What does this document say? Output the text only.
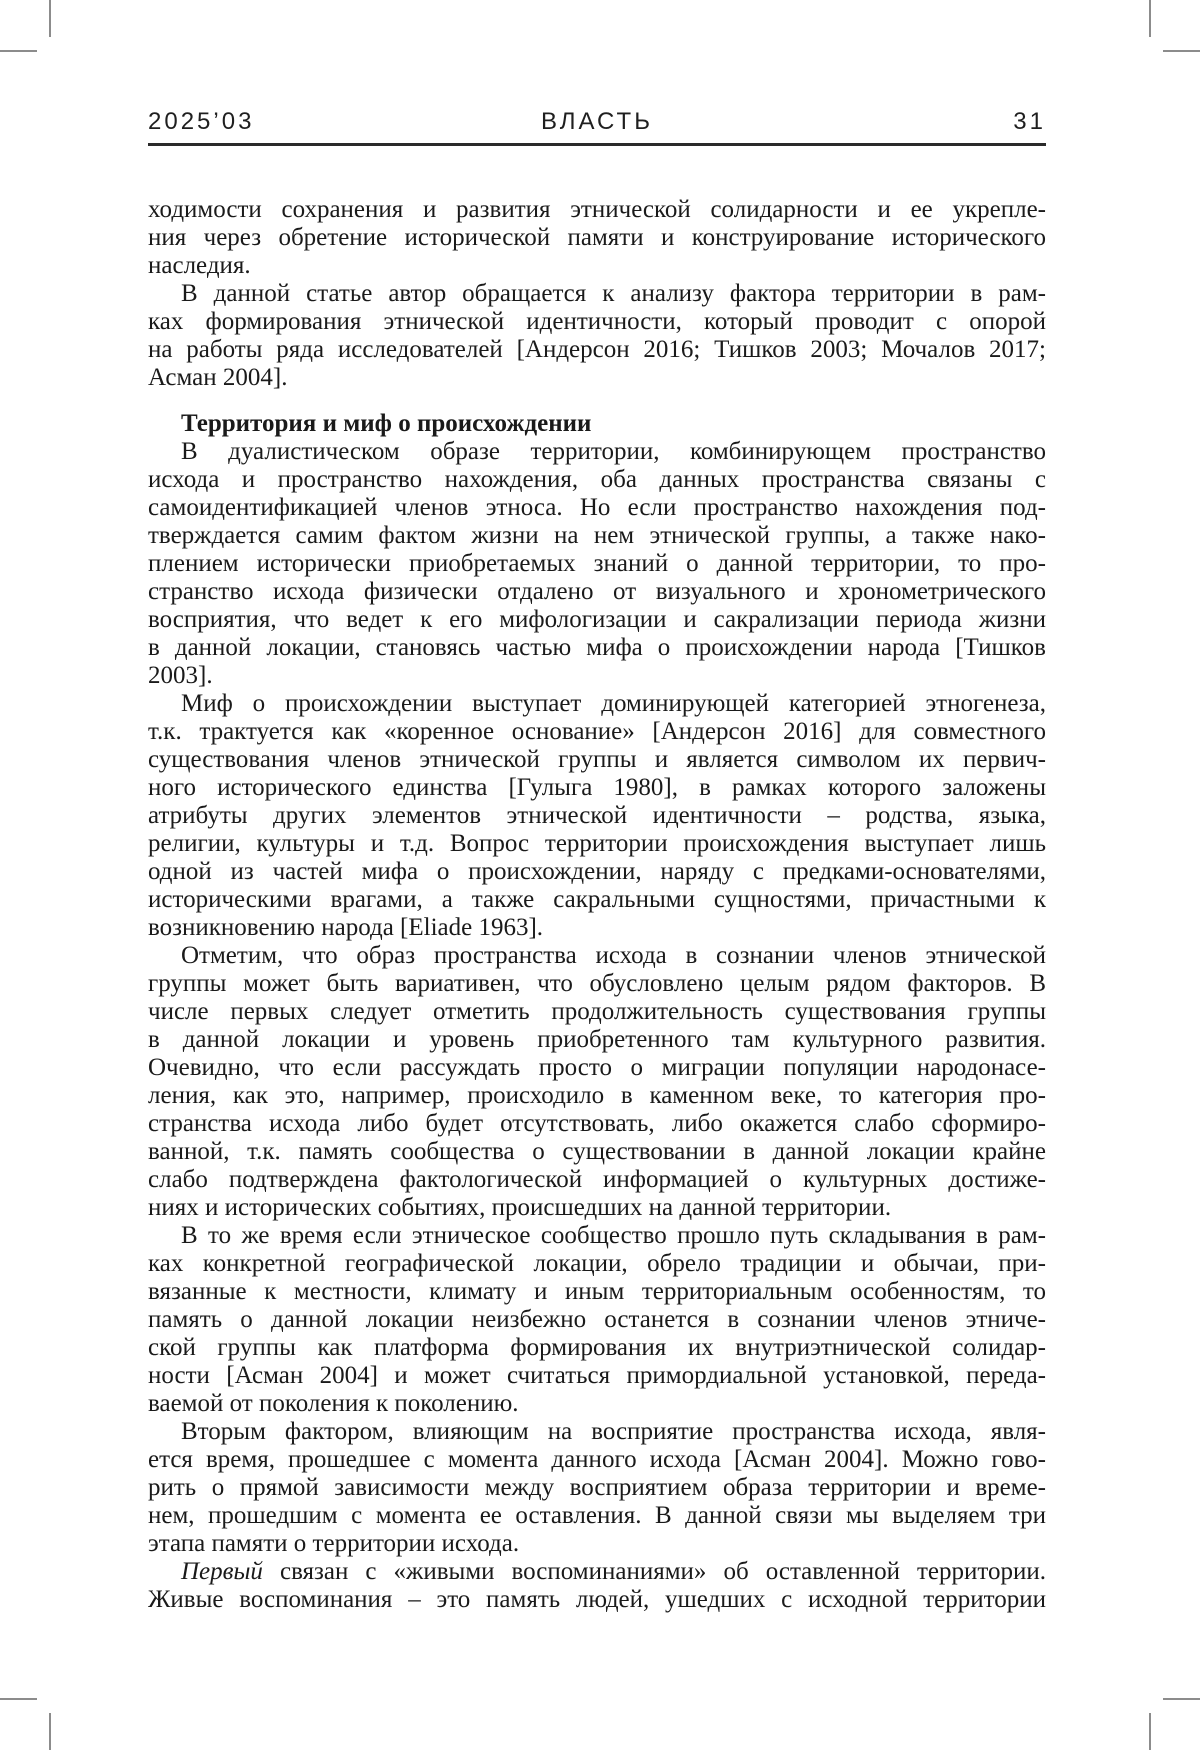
2025’03	ВЛАСТЬ	31
ходимости сохранения и развития этнической солидарности и ее укрепле-
ния через обретение исторической памяти и конструирование исторического
наследия.
В данной статье автор обращается к анализу фактора территории в рам-
ках формирования этнической идентичности, который проводит с опорой
на работы ряда исследователей [Андерсон 2016; Тишков 2003; Мочалов 2017;
Асман 2004].
Территория и миф о происхождении
В дуалистическом образе территории, комбинирующем пространство
исхода и пространство нахождения, оба данных пространства связаны с
самоидентификацией членов этноса. Но если пространство нахождения под-
тверждается самим фактом жизни на нем этнической группы, а также нако-
плением исторически приобретаемых знаний о данной территории, то про-
странство исхода физически отдалено от визуального и хронометрического
восприятия, что ведет к его мифологизации и сакрализации периода жизни
в данной локации, становясь частью мифа о происхождении народа [Тишков
2003].
Миф о происхождении выступает доминирующей категорией этногенеза,
т.к. трактуется как «коренное основание» [Андерсон 2016] для совместного
существования членов этнической группы и является символом их первич-
ного исторического единства [Гулыга 1980], в рамках которого заложены
атрибуты других элементов этнической идентичности – родства, языка,
религии, культуры и т.д. Вопрос территории происхождения выступает лишь
одной из частей мифа о происхождении, наряду с предками-основателями,
историческими врагами, а также сакральными сущностями, причастными к
возникновению народа [Eliade 1963].
Отметим, что образ пространства исхода в сознании членов этнической
группы может быть вариативен, что обусловлено целым рядом факторов. В
числе первых следует отметить продолжительность существования группы
в данной локации и уровень приобретенного там культурного развития.
Очевидно, что если рассуждать просто о миграции популяции народонасе-
ления, как это, например, происходило в каменном веке, то категория про-
странства исхода либо будет отсутствовать, либо окажется слабо сформиро-
ванной, т.к. память сообщества о существовании в данной локации крайне
слабо подтверждена фактологической информацией о культурных достиже-
ниях и исторических событиях, происшедших на данной территории.
В то же время если этническое сообщество прошло путь складывания в рам-
ках конкретной географической локации, обрело традиции и обычаи, при-
вязанные к местности, климату и иным территориальным особенностям, то
память о данной локации неизбежно останется в сознании членов этниче-
ской группы как платформа формирования их внутриэтнической солидар-
ности [Асман 2004] и может считаться примордиальной установкой, переда-
ваемой от поколения к поколению.
Вторым фактором, влияющим на восприятие пространства исхода, явля-
ется время, прошедшее с момента данного исхода [Асман 2004]. Можно гово-
рить о прямой зависимости между восприятием образа территории и време-
нем, прошедшим с момента ее оставления. В данной связи мы выделяем три
этапа памяти о территории исхода.
Первый связан с «живыми воспоминаниями» об оставленной территории.
Живые воспоминания – это память людей, ушедших с исходной территории
